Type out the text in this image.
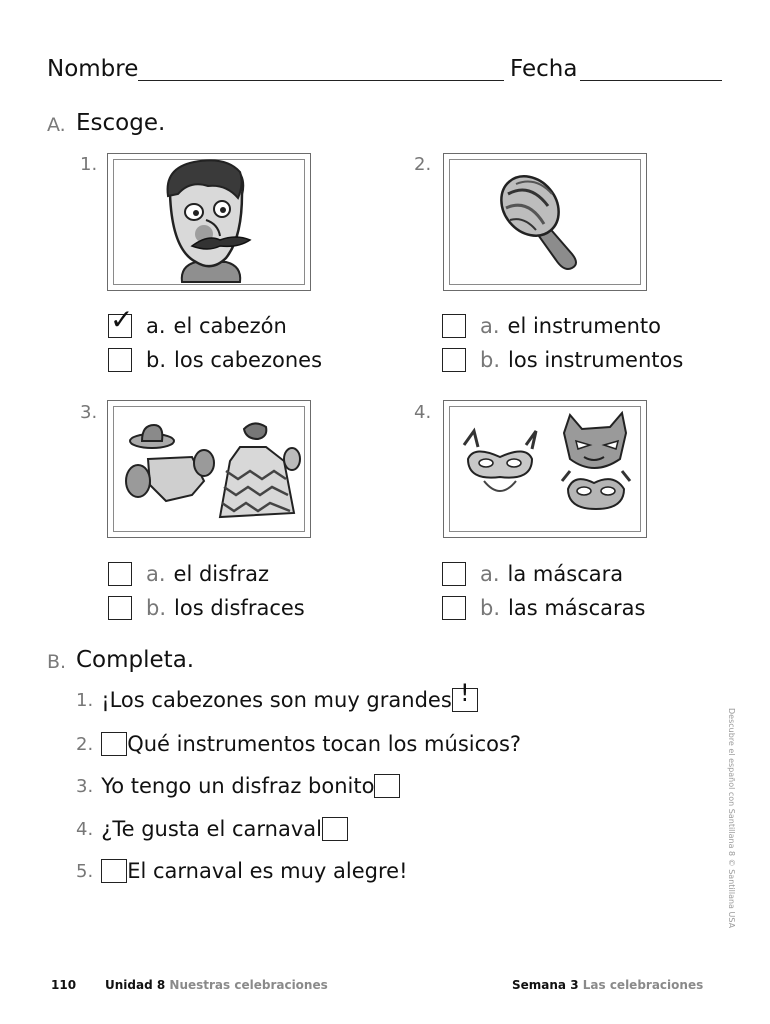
Nombre	Fecha
A. Escoge.
1.
✓ a. el cabezón
b. los cabezones
2.
a. el instrumento
b. los instrumentos
3.
a. el disfraz
b. los disfraces
4.
a. la máscara
b. las máscaras
B. Completa.
1. ¡Los cabezones son muy grandes !
2. Qué instrumentos tocan los músicos?
3. Yo tengo un disfraz bonito
4. ¿Te gusta el carnaval
5. El carnaval es muy alegre!	Descubre el español con Santillana 8 © Santillana USA
110 Unidad 8 Nuestras celebraciones	Semana 3 Las celebraciones
